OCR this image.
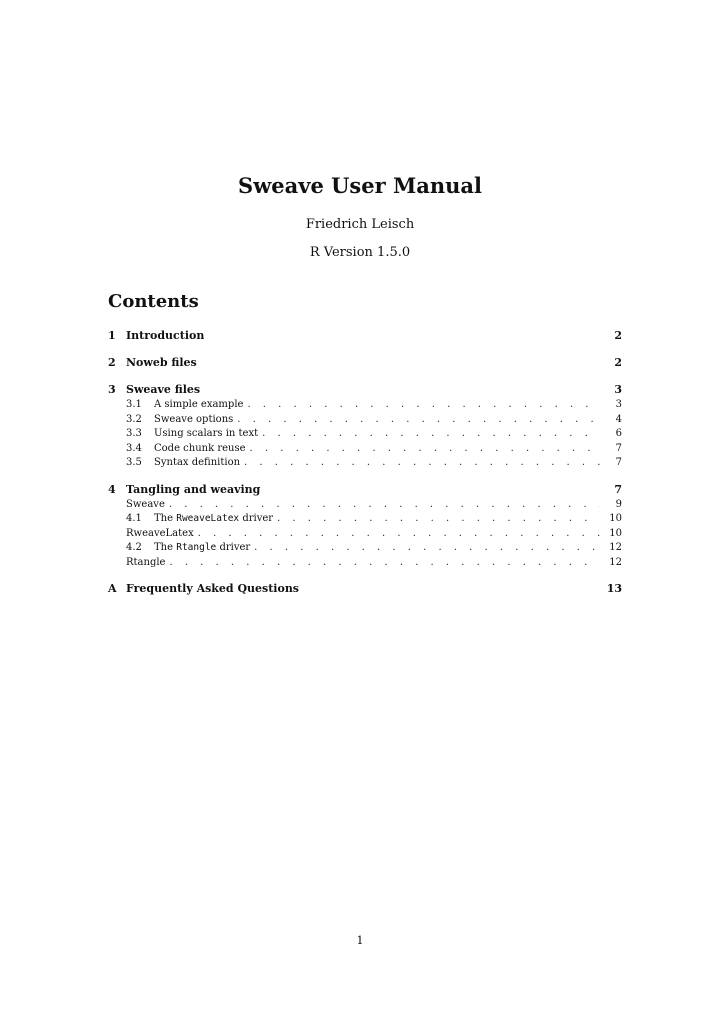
Sweave User Manual
Friedrich Leisch
R Version 1.5.0
Contents
1 Introduction	2
2 Noweb files	2
3 Sweave files	3
3.1	A simple example . . .	3
3.2	Sweave options . . .	4
3.3	Using scalars in text . . .	6
3.4	Code chunk reuse . . .	7
3.5	Syntax definition . . .	7
4 Tangling and weaving	7
Sweave . . .	9
4.1	The RweaveLatex driver . . .	10
RweaveLatex . . .	10
4.2	The Rtangle driver . . .	12
Rtangle . . .	12
A Frequently Asked Questions	13
1
